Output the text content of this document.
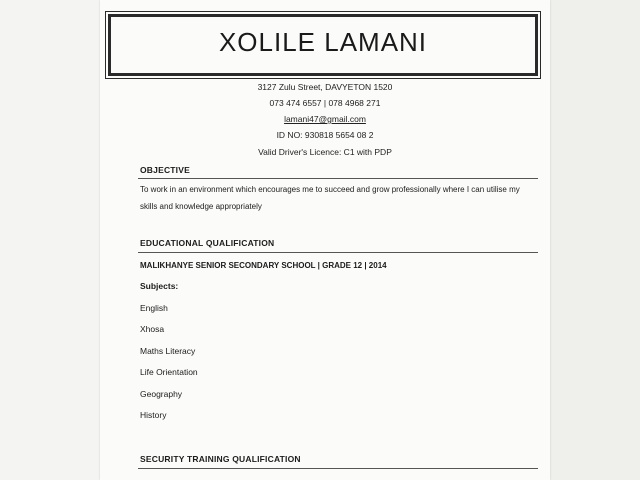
XOLILE LAMANI
3127 Zulu Street, DAVYETON 1520
073 474 6557 | 078 4968 271
lamani47@gmail.com
ID NO: 930818 5654 08 2
Valid Driver's Licence: C1 with PDP
OBJECTIVE
To work in an environment which encourages me to succeed and grow professionally where I can utilise my skills and knowledge appropriately
EDUCATIONAL QUALIFICATION
MALIKHANYE SENIOR SECONDARY SCHOOL | GRADE 12 | 2014
Subjects:
English
Xhosa
Maths Literacy
Life Orientation
Geography
History
SECURITY TRAINING QUALIFICATION
